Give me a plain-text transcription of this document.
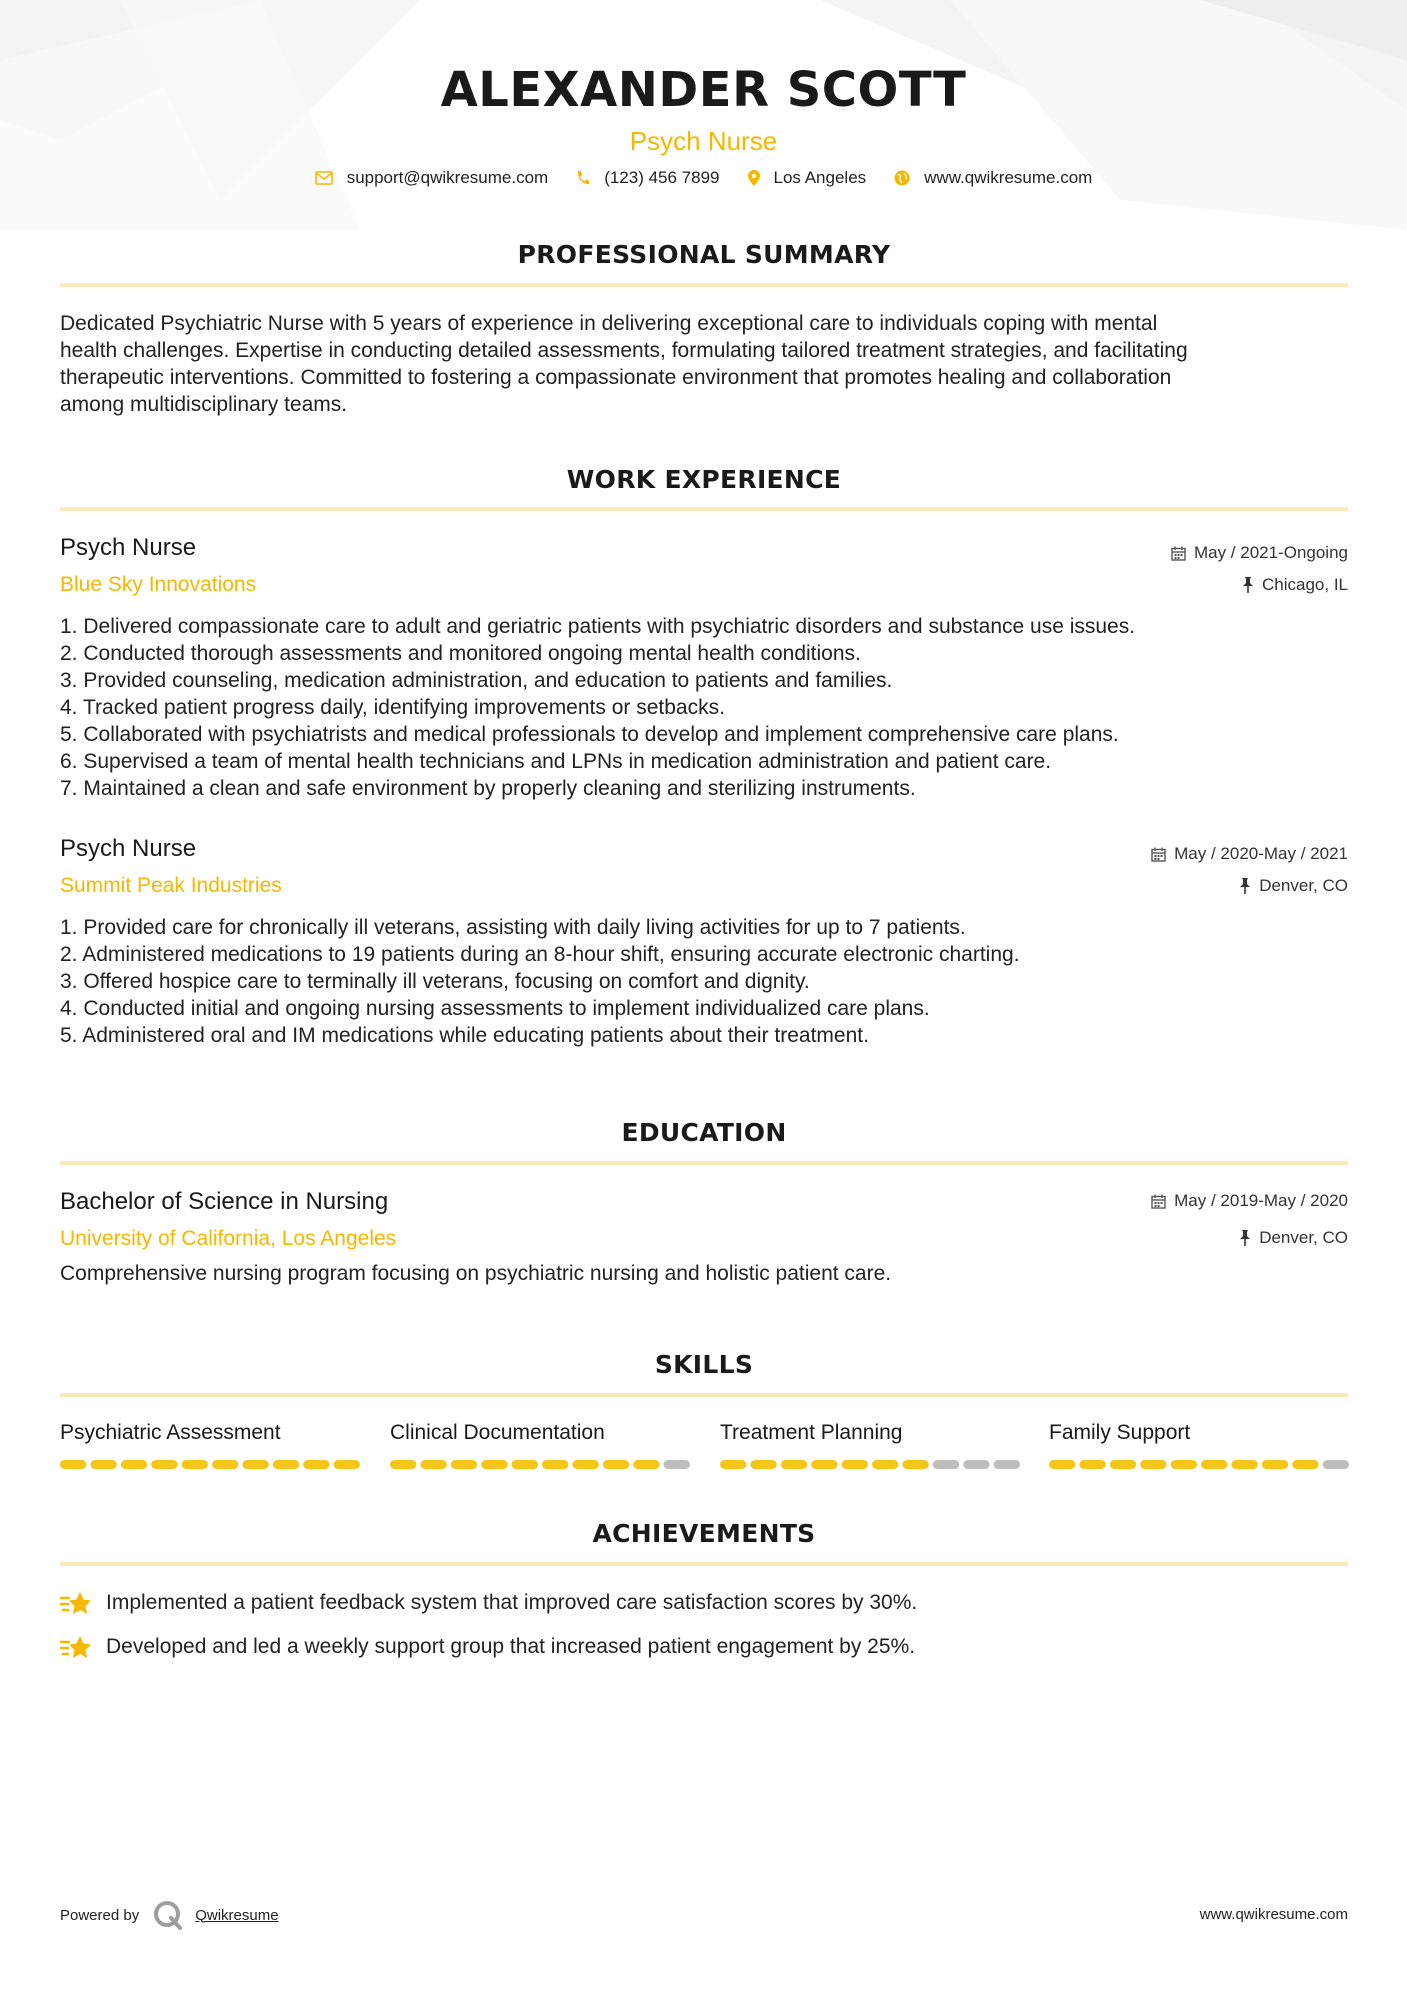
ALEXANDER SCOTT
Psych Nurse
support@qwikresume.com	(123) 456 7899	Los Angeles	www.qwikresume.com
PROFESSIONAL SUMMARY
Dedicated Psychiatric Nurse with 5 years of experience in delivering exceptional care to individuals coping with mental
health challenges. Expertise in conducting detailed assessments, formulating tailored treatment strategies, and facilitating
therapeutic interventions. Committed to fostering a compassionate environment that promotes healing and collaboration
among multidisciplinary teams.
WORK EXPERIENCE
Psych Nurse
Blue Sky Innovations
May / 2021-Ongoing
Chicago, IL
1. Delivered compassionate care to adult and geriatric patients with psychiatric disorders and substance use issues.
2. Conducted thorough assessments and monitored ongoing mental health conditions.
3. Provided counseling, medication administration, and education to patients and families.
4. Tracked patient progress daily, identifying improvements or setbacks.
5. Collaborated with psychiatrists and medical professionals to develop and implement comprehensive care plans.
6. Supervised a team of mental health technicians and LPNs in medication administration and patient care.
7. Maintained a clean and safe environment by properly cleaning and sterilizing instruments.
Psych Nurse
Summit Peak Industries
May / 2020-May / 2021
Denver, CO
1. Provided care for chronically ill veterans, assisting with daily living activities for up to 7 patients.
2. Administered medications to 19 patients during an 8-hour shift, ensuring accurate electronic charting.
3. Offered hospice care to terminally ill veterans, focusing on comfort and dignity.
4. Conducted initial and ongoing nursing assessments to implement individualized care plans.
5. Administered oral and IM medications while educating patients about their treatment.
EDUCATION
Bachelor of Science in Nursing
University of California, Los Angeles
May / 2019-May / 2020
Denver, CO
Comprehensive nursing program focusing on psychiatric nursing and holistic patient care.
SKILLS
Psychiatric Assessment	Clinical Documentation	Treatment Planning	Family Support
ACHIEVEMENTS
Implemented a patient feedback system that improved care satisfaction scores by 30%.
Developed and led a weekly support group that increased patient engagement by 25%.
Powered by	Qwikresume	www.qwikresume.com
